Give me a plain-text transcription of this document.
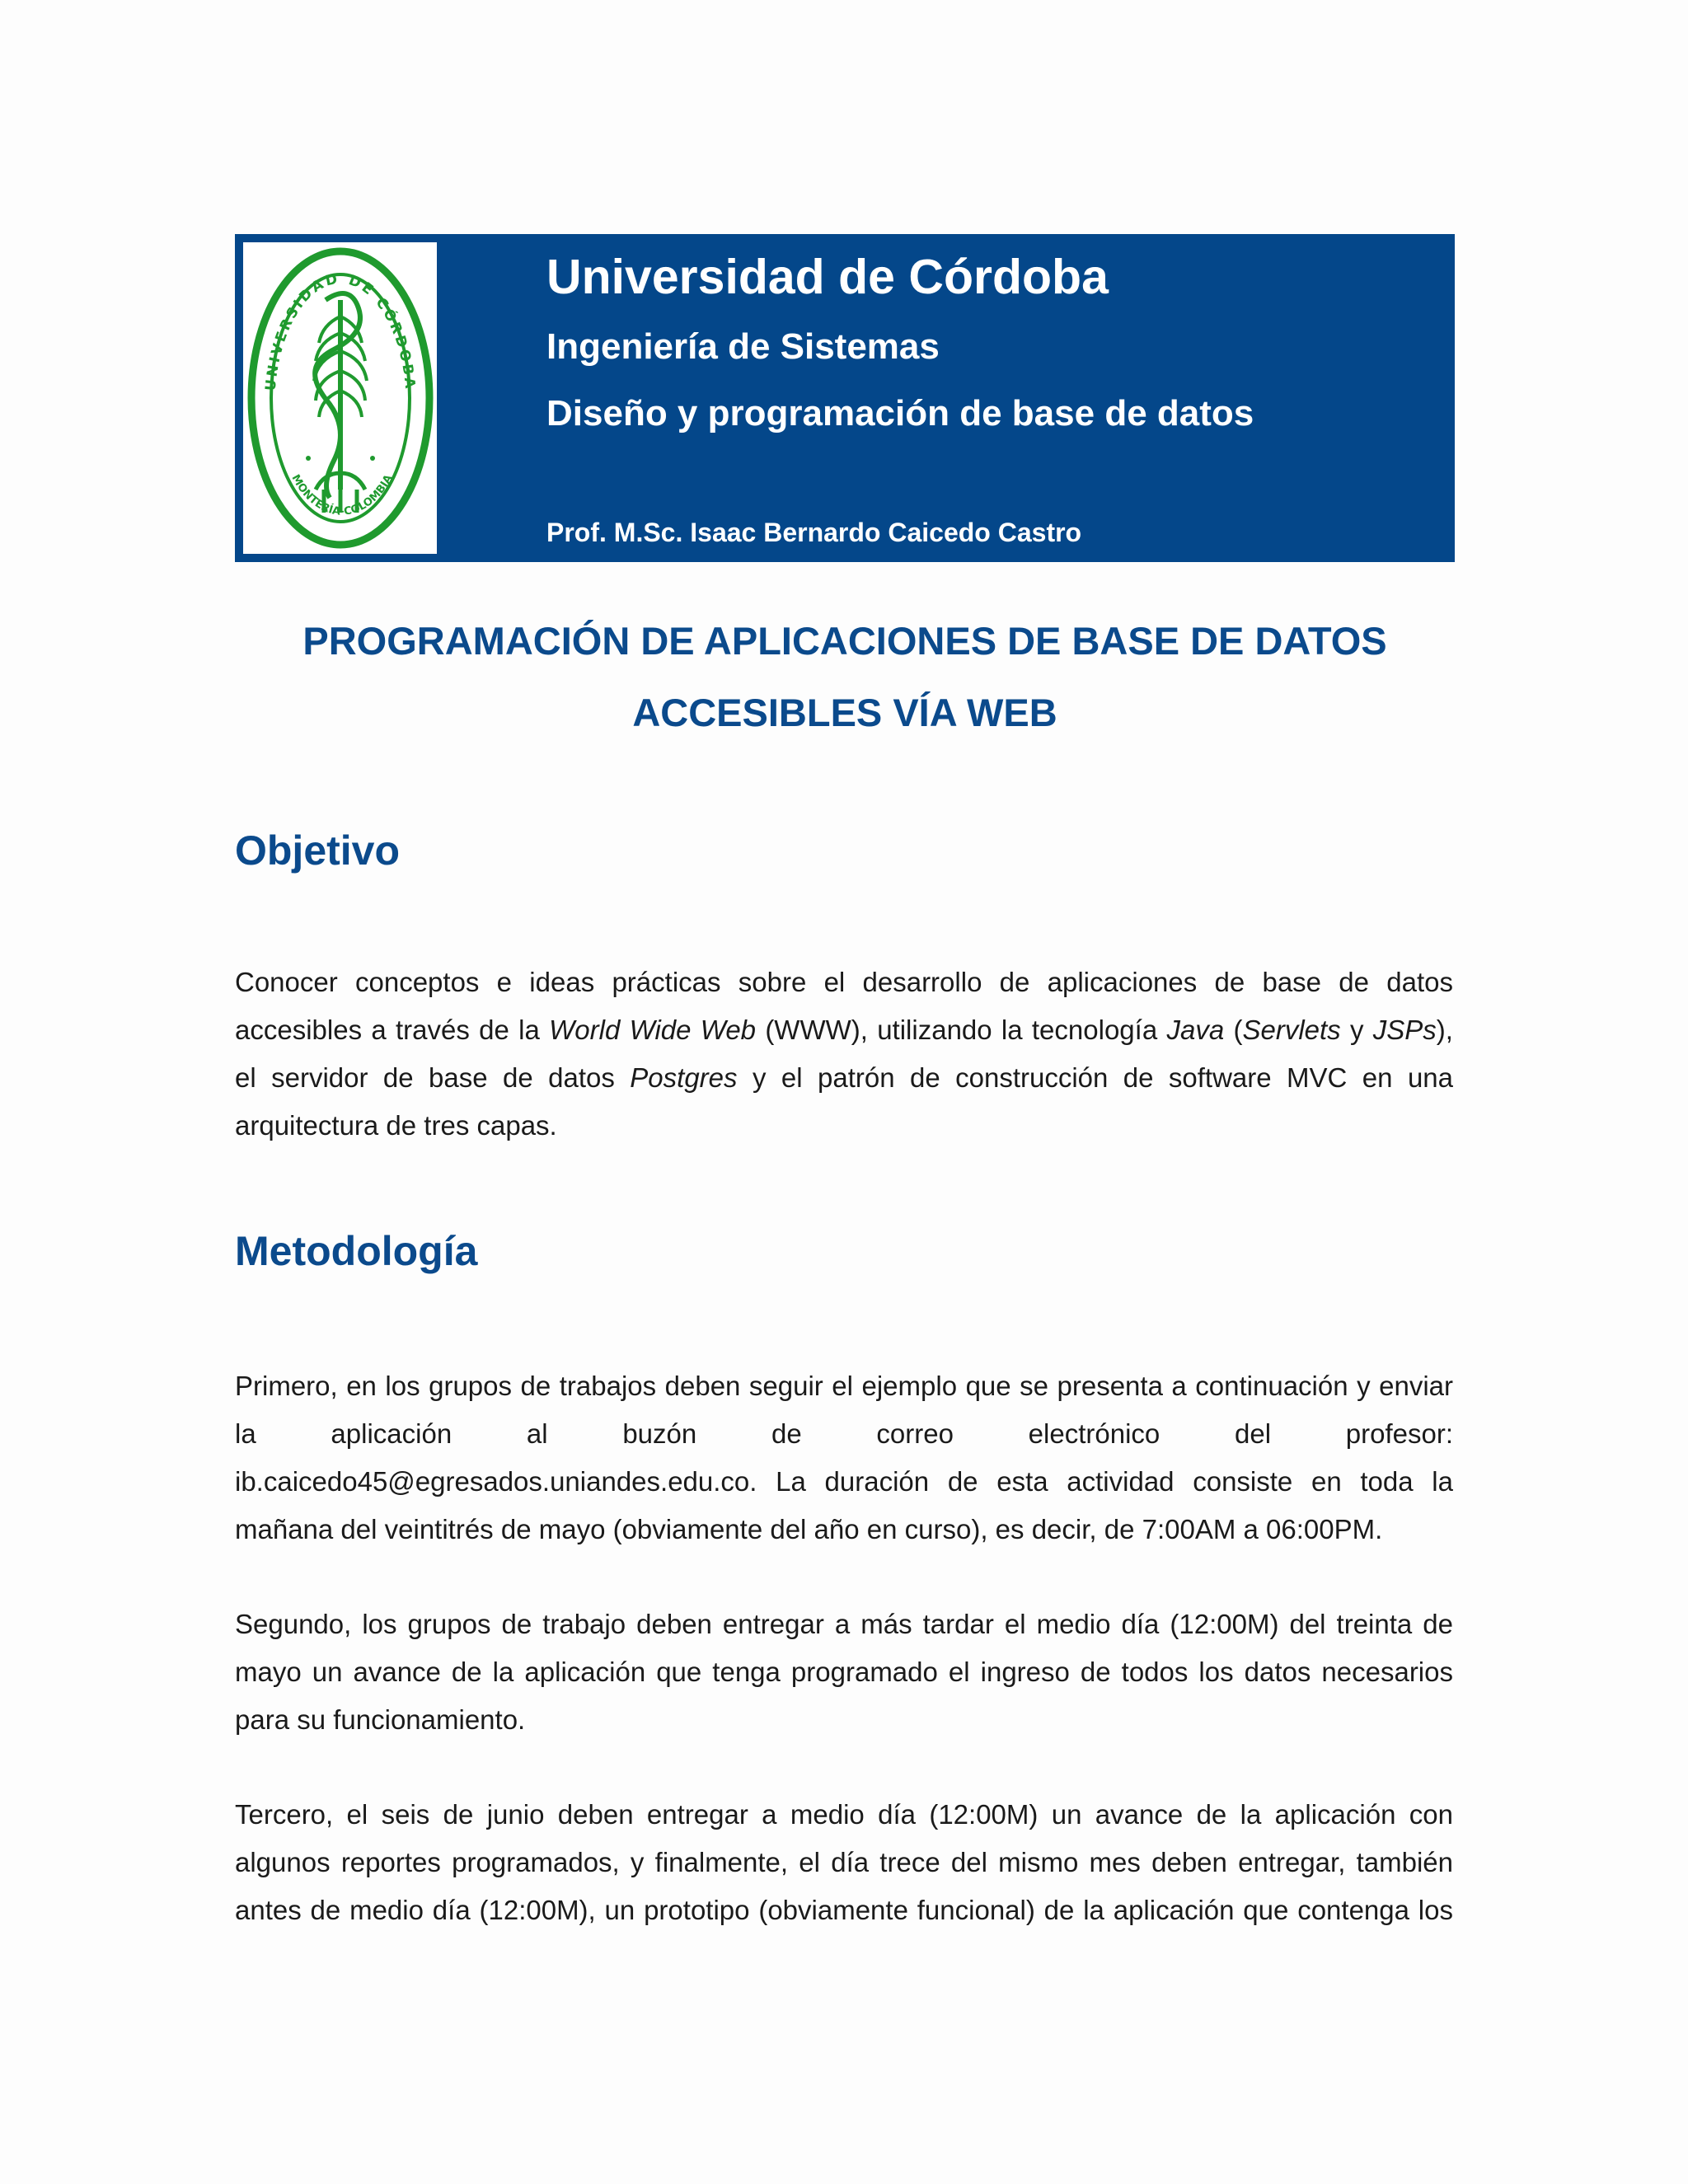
UNIVERSIDAD DE CÓRDOBA
MONTERÍA-COLOMBIA
Universidad de Córdoba
Ingeniería de Sistemas
Diseño y programación de base de datos
Prof. M.Sc. Isaac Bernardo Caicedo Castro
PROGRAMACIÓN DE APLICACIONES DE BASE DE DATOS
ACCESIBLES VÍA WEB
Objetivo
Conocer conceptos e ideas prácticas sobre el desarrollo de aplicaciones de base de datos
accesibles a través de la World Wide Web (WWW), utilizando la tecnología Java (Servlets y JSPs),
el servidor de base de datos Postgres y el patrón de construcción de software MVC en una
arquitectura de tres capas.
Metodología
Primero, en los grupos de trabajos deben seguir el ejemplo que se presenta a continuación y enviar
la aplicación al buzón de correo electrónico del profesor:
ib.caicedo45@egresados.uniandes.edu.co. La duración de esta actividad consiste en toda la
mañana del veintitrés de mayo (obviamente del año en curso), es decir, de 7:00AM a 06:00PM.
Segundo, los grupos de trabajo deben entregar a más tardar el medio día (12:00M) del treinta de
mayo un avance de la aplicación que tenga programado el ingreso de todos los datos necesarios
para su funcionamiento.
Tercero, el seis de junio deben entregar a medio día (12:00M) un avance de la aplicación con
algunos reportes programados, y finalmente, el día trece del mismo mes deben entregar, también
antes de medio día (12:00M), un prototipo (obviamente funcional) de la aplicación que contenga los
